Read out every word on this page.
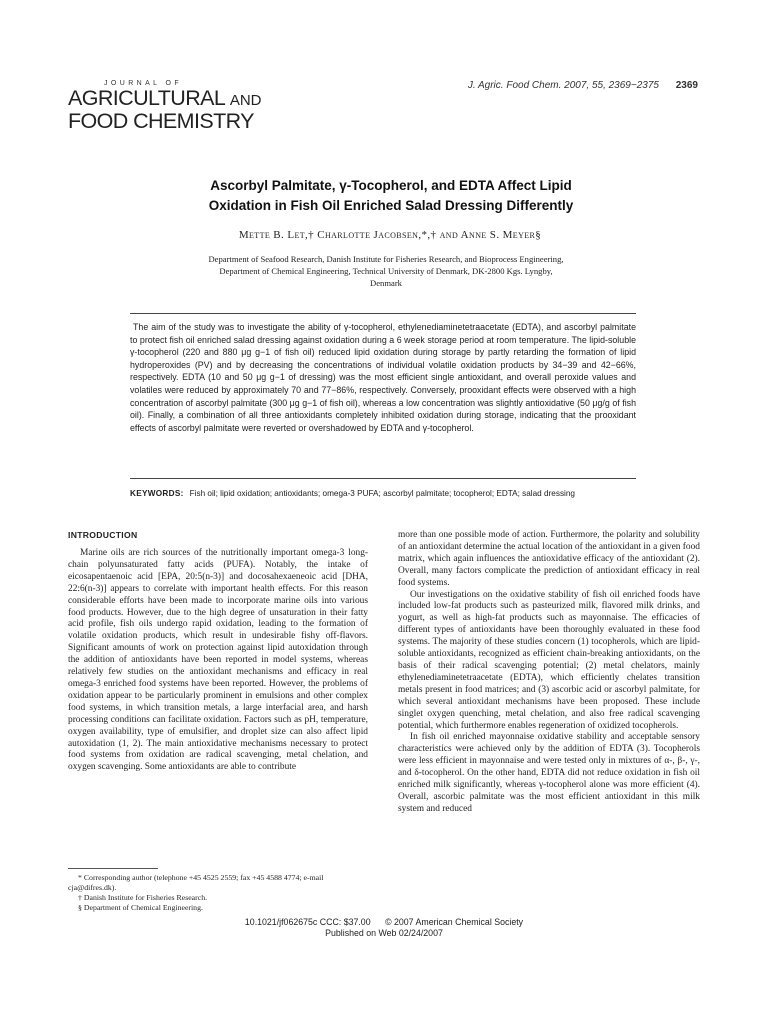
JOURNAL OF
AGRICULTURAL AND
FOOD CHEMISTRY
J. Agric. Food Chem. 2007, 55, 2369−2375 2369
Ascorbyl Palmitate, γ-Tocopherol, and EDTA Affect Lipid
Oxidation in Fish Oil Enriched Salad Dressing Differently
Mette B. Let,† Charlotte Jacobsen,*,† and Anne S. Meyer§
Department of Seafood Research, Danish Institute for Fisheries Research, and Bioprocess Engineering,
Department of Chemical Engineering, Technical University of Denmark, DK-2800 Kgs. Lyngby,
Denmark

The aim of the study was to investigate the ability of γ-tocopherol, ethylenediaminetetraacetate (EDTA), and ascorbyl palmitate to protect fish oil enriched salad dressing against oxidation during a 6 week storage period at room temperature. The lipid-soluble γ-tocopherol (220 and 880 μg g−1 of fish oil) reduced lipid oxidation during storage by partly retarding the formation of lipid hydroperoxides (PV) and by decreasing the concentrations of individual volatile oxidation products by 34−39 and 42−66%, respectively. EDTA (10 and 50 μg g−1 of dressing) was the most efficient single antioxidant, and overall peroxide values and volatiles were reduced by approximately 70 and 77−86%, respectively. Conversely, prooxidant effects were observed with a high concentration of ascorbyl palmitate (300 μg g−1 of fish oil), whereas a low concentration was slightly antioxidative (50 μg/g of fish oil). Finally, a combination of all three antioxidants completely inhibited oxidation during storage, indicating that the prooxidant effects of ascorbyl palmitate were reverted or overshadowed by EDTA and γ-tocopherol.

KEYWORDS: Fish oil; lipid oxidation; antioxidants; omega-3 PUFA; ascorbyl palmitate; tocopherol; EDTA; salad dressing
INTRODUCTION

Marine oils are rich sources of the nutritionally important omega-3 long-chain polyunsaturated fatty acids (PUFA). Notably, the intake of eicosapentaenoic acid [EPA, 20:5(n-3)] and docosahexaeneoic acid [DHA, 22:6(n-3)] appears to correlate with important health effects. For this reason considerable efforts have been made to incorporate marine oils into various food products. However, due to the high degree of unsaturation in their fatty acid profile, fish oils undergo rapid oxidation, leading to the formation of volatile oxidation products, which result in undesirable fishy off-flavors. Significant amounts of work on protection against lipid autoxidation through the addition of antioxidants have been reported in model systems, whereas relatively few studies on the antioxidant mechanisms and efficacy in real omega-3 enriched food systems have been reported. However, the problems of oxidation appear to be particularly prominent in emulsions and other complex food systems, in which transition metals, a large interfacial area, and harsh processing conditions can facilitate oxidation. Factors such as pH, temperature, oxygen availability, type of emulsifier, and droplet size can also affect lipid autoxidation (1, 2). The main antioxidative mechanisms necessary to protect food systems from oxidation are radical scavenging, metal chelation, and oxygen scavenging. Some antioxidants are able to contribute

more than one possible mode of action. Furthermore, the polarity and solubility of an antioxidant determine the actual location of the antioxidant in a given food matrix, which again influences the antioxidative efficacy of the antioxidant (2). Overall, many factors complicate the prediction of antioxidant efficacy in real food systems.

Our investigations on the oxidative stability of fish oil enriched foods have included low-fat products such as pasteurized milk, flavored milk drinks, and yogurt, as well as high-fat products such as mayonnaise. The efficacies of different types of antioxidants have been thoroughly evaluated in these food systems. The majority of these studies concern (1) tocopherols, which are lipid-soluble antioxidants, recognized as efficient chain-breaking antioxidants, on the basis of their radical scavenging potential; (2) metal chelators, mainly ethylenediaminetetraacetate (EDTA), which efficiently chelates transition metals present in food matrices; and (3) ascorbic acid or ascorbyl palmitate, for which several antioxidant mechanisms have been proposed. These include singlet oxygen quenching, metal chelation, and also free radical scavenging potential, which furthermore enables regeneration of oxidized tocopherols.

In fish oil enriched mayonnaise oxidative stability and acceptable sensory characteristics were achieved only by the addition of EDTA (3). Tocopherols were less efficient in mayonnaise and were tested only in mixtures of α-, β-, γ-, and δ-tocopherol. On the other hand, EDTA did not reduce oxidation in fish oil enriched milk significantly, whereas γ-tocopherol alone was more efficient (4). Overall, ascorbic palmitate was the most efficient antioxidant in this milk system and reduced

* Corresponding author (telephone +45 4525 2559; fax +45 4588 4774; e-mail cja@difres.dk).

† Danish Institute for Fisheries Research.

§ Department of Chemical Engineering.

10.1021/jf062675c CCC: $37.00 © 2007 American Chemical Society
Published on Web 02/24/2007
